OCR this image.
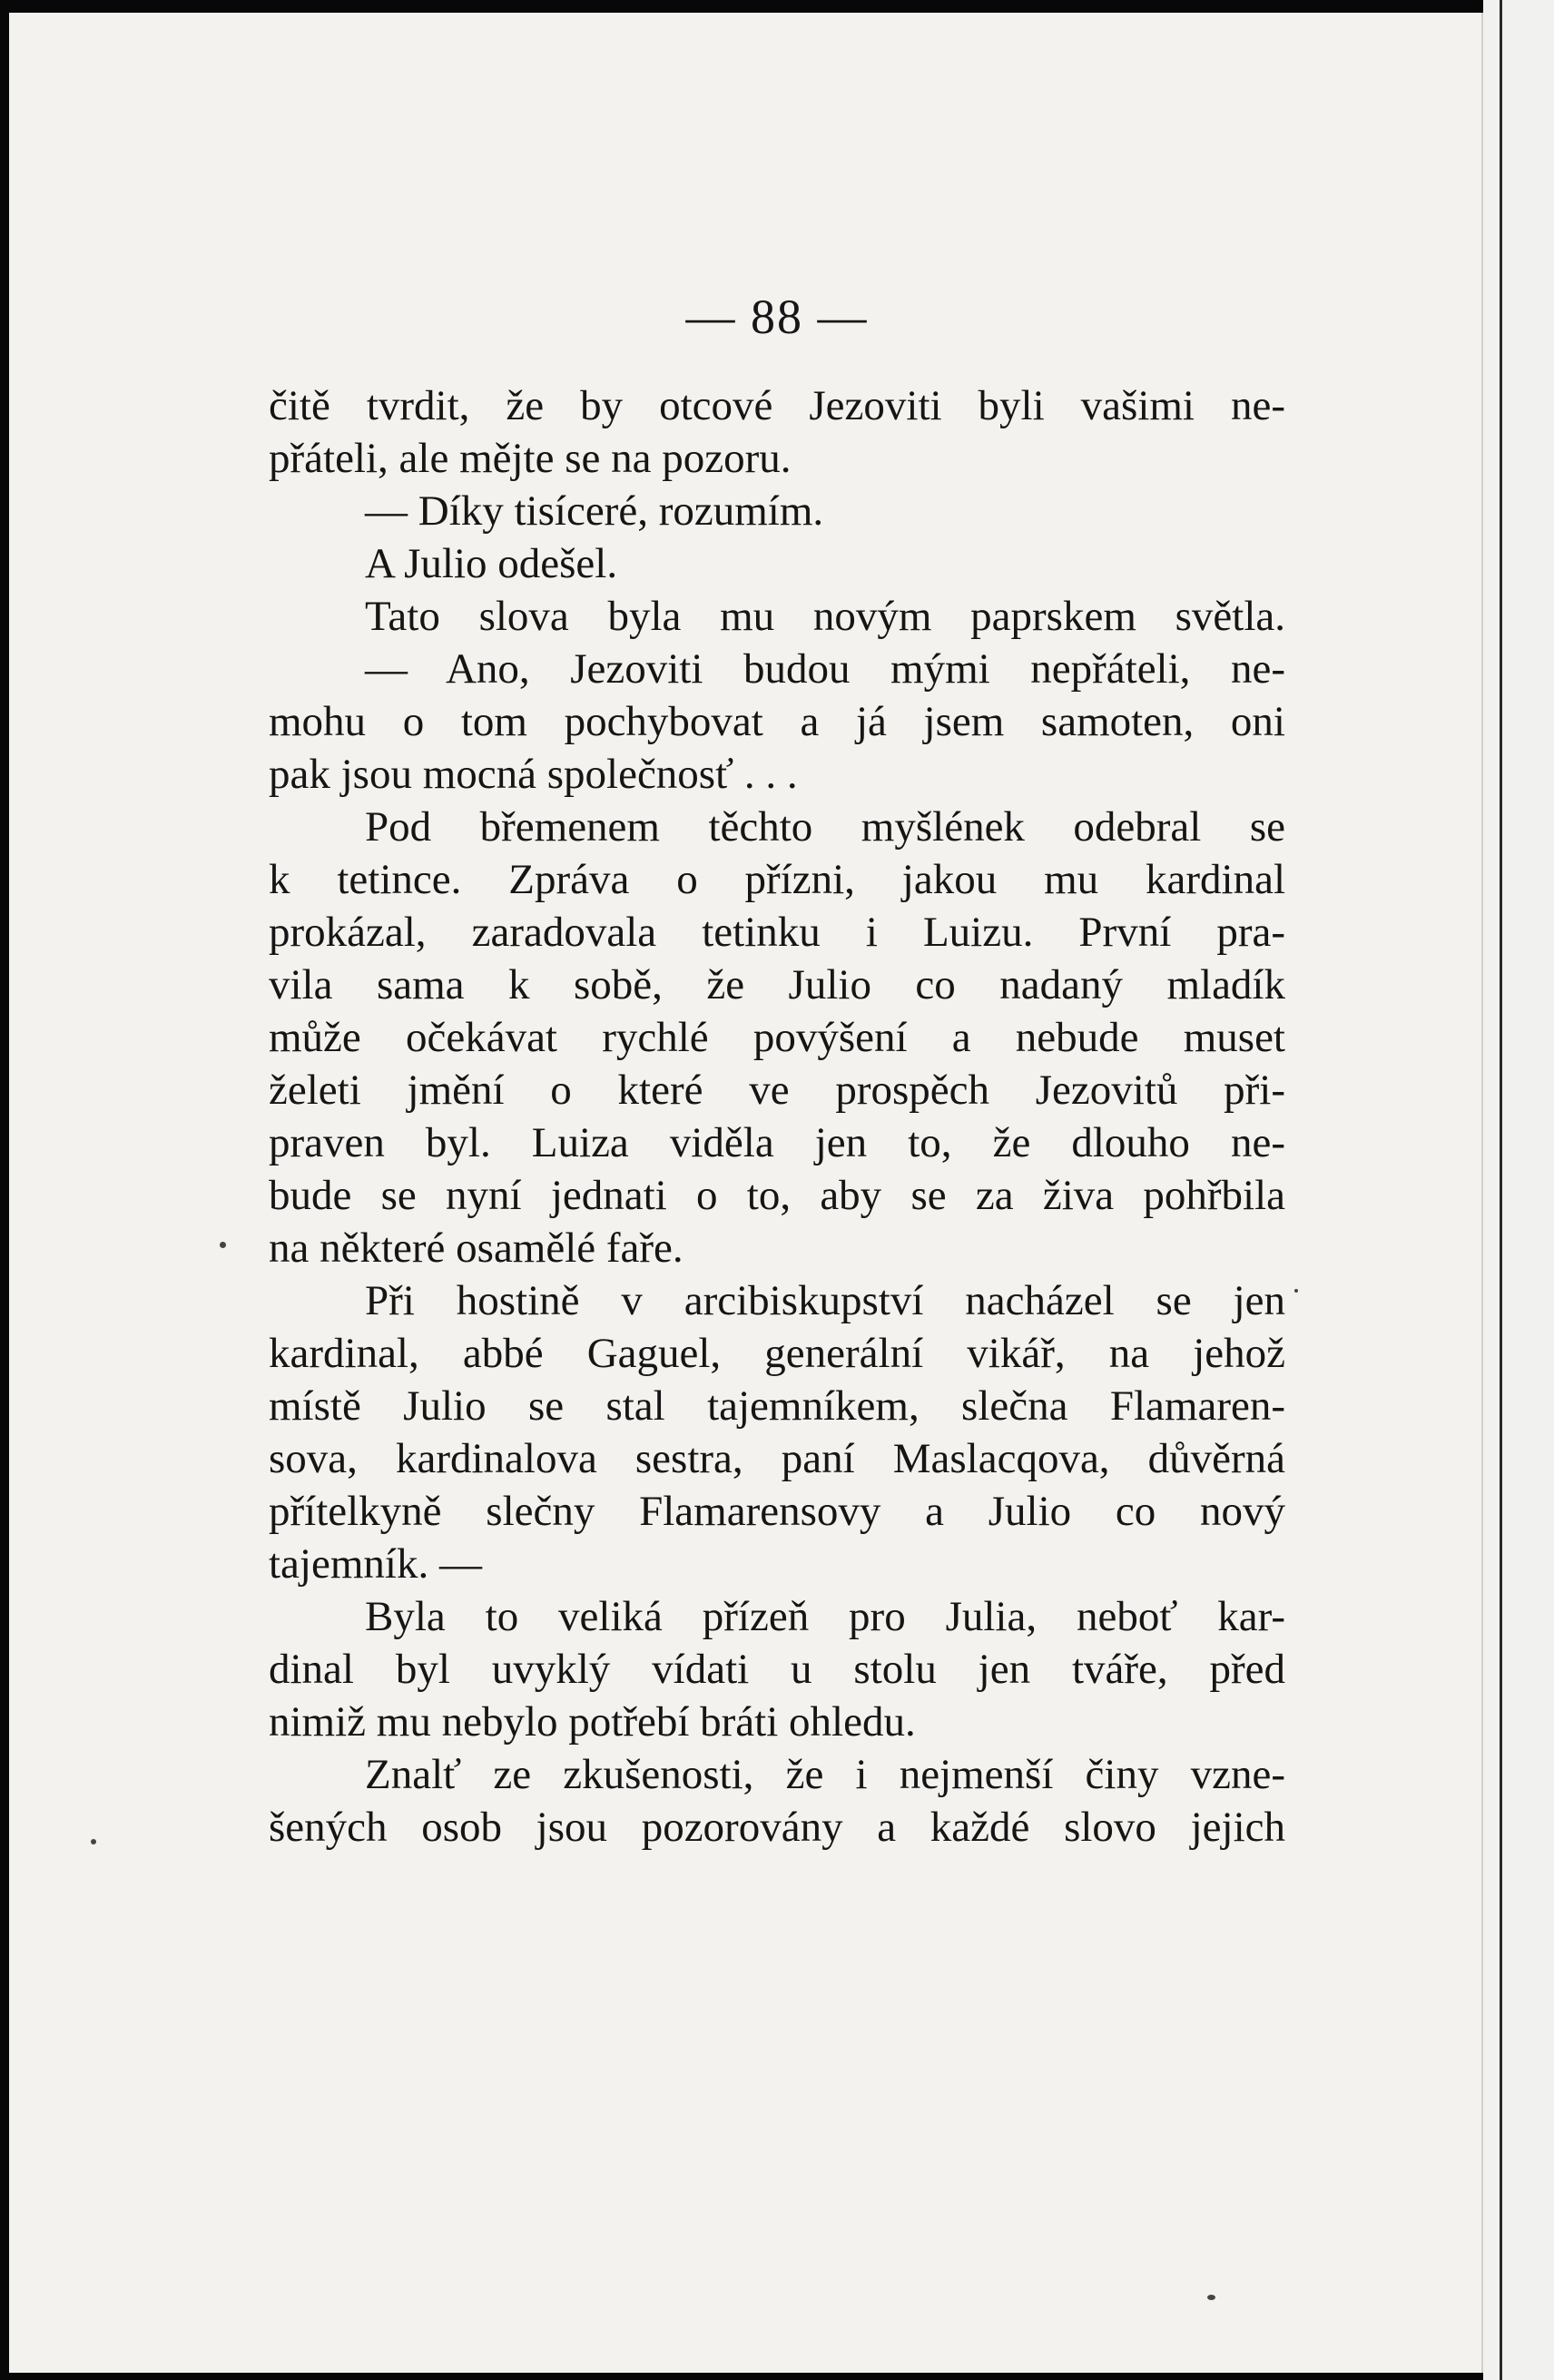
— 88 —
čitě tvrdit, že by otcové Jezoviti byli vašimi ne-
přáteli, ale mějte se na pozoru.
— Díky tisíceré, rozumím.
A Julio odešel.
Tato slova byla mu novým paprskem světla.
— Ano, Jezoviti budou mými nepřáteli, ne-
mohu o tom pochybovat a já jsem samoten, oni
pak jsou mocná společnosť . . .
Pod břemenem těchto myšlének odebral se
k tetince. Zpráva o přízni, jakou mu kardinal
prokázal, zaradovala tetinku i Luizu. První pra-
vila sama k sobě, že Julio co nadaný mladík
může očekávat rychlé povýšení a nebude muset
želeti jmění o které ve prospěch Jezovitů při-
praven byl. Luiza viděla jen to, že dlouho ne-
bude se nyní jednati o to, aby se za živa pohřbila
na některé osamělé faře.
Při hostině v arcibiskupství nacházel se jen
kardinal, abbé Gaguel, generální vikář, na jehož
místě Julio se stal tajemníkem, slečna Flamaren-
sova, kardinalova sestra, paní Maslacqova, důvěrná
přítelkyně slečny Flamarensovy a Julio co nový
tajemník. —
Byla to veliká přízeň pro Julia, neboť kar-
dinal byl uvyklý vídati u stolu jen tváře, před
nimiž mu nebylo potřebí bráti ohledu.
Znalť ze zkušenosti, že i nejmenší činy vzne-
šených osob jsou pozorovány a každé slovo jejich
